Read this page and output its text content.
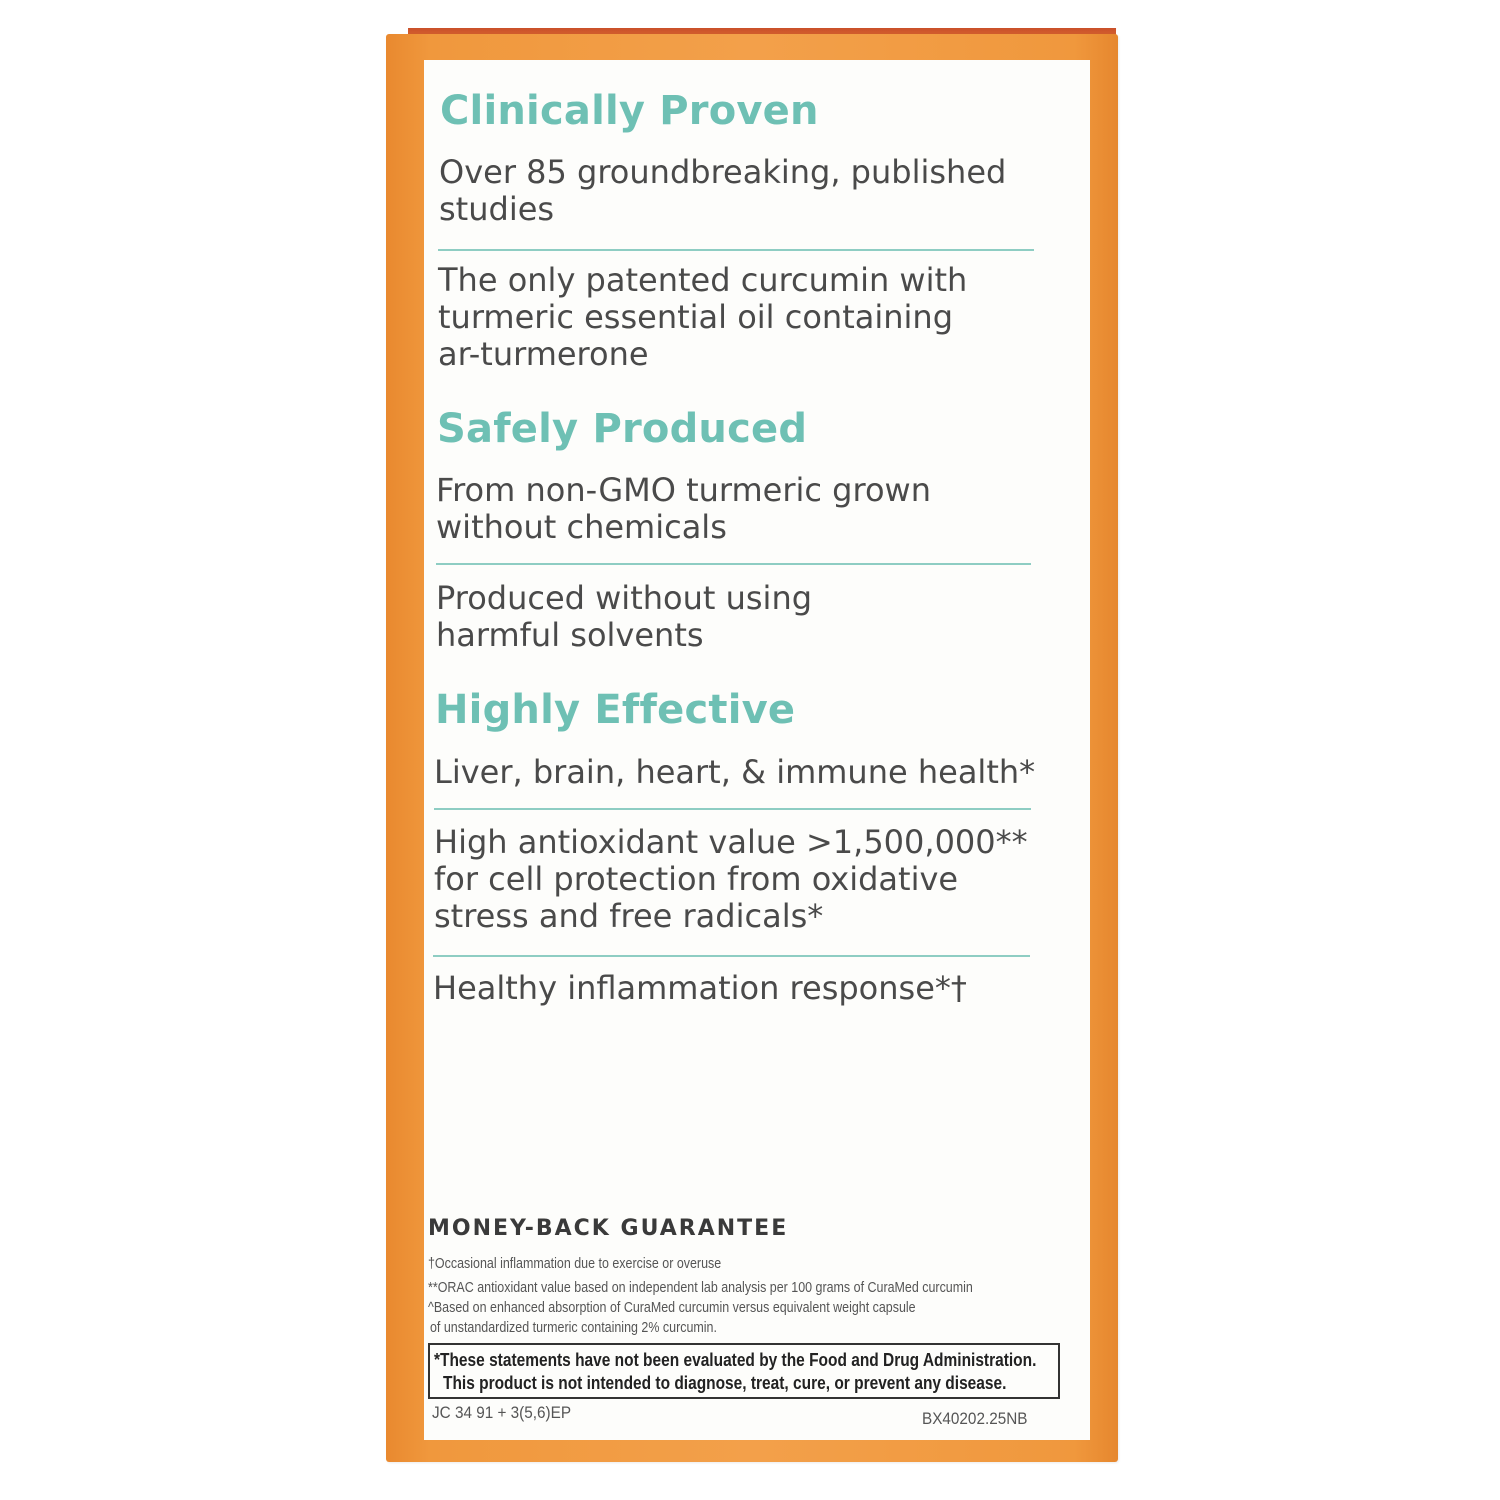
Clinically Proven

Over 85 groundbreaking, published
studies

The only patented curcumin with
turmeric essential oil containing
ar-turmerone

Safely Produced

From non-GMO turmeric grown
without chemicals

Produced without using
harmful solvents

Highly Effective

Liver, brain, heart, & immune health*

High antioxidant value >1,500,000**
for cell protection from oxidative
stress and free radicals*

Healthy inflammation response*†

MONEY-BACK GUARANTEE

†Occasional inflammation due to exercise or overuse

**ORAC antioxidant value based on independent lab analysis per 100 grams of CuraMed curcumin

^Based on enhanced absorption of CuraMed curcumin versus equivalent weight capsule

of unstandardized turmeric containing 2% curcumin.

*These statements have not been evaluated by the Food and Drug Administration.

This product is not intended to diagnose, treat, cure, or prevent any disease.

JC 34 91 + 3(5,6)EP	BX40202.25NB
